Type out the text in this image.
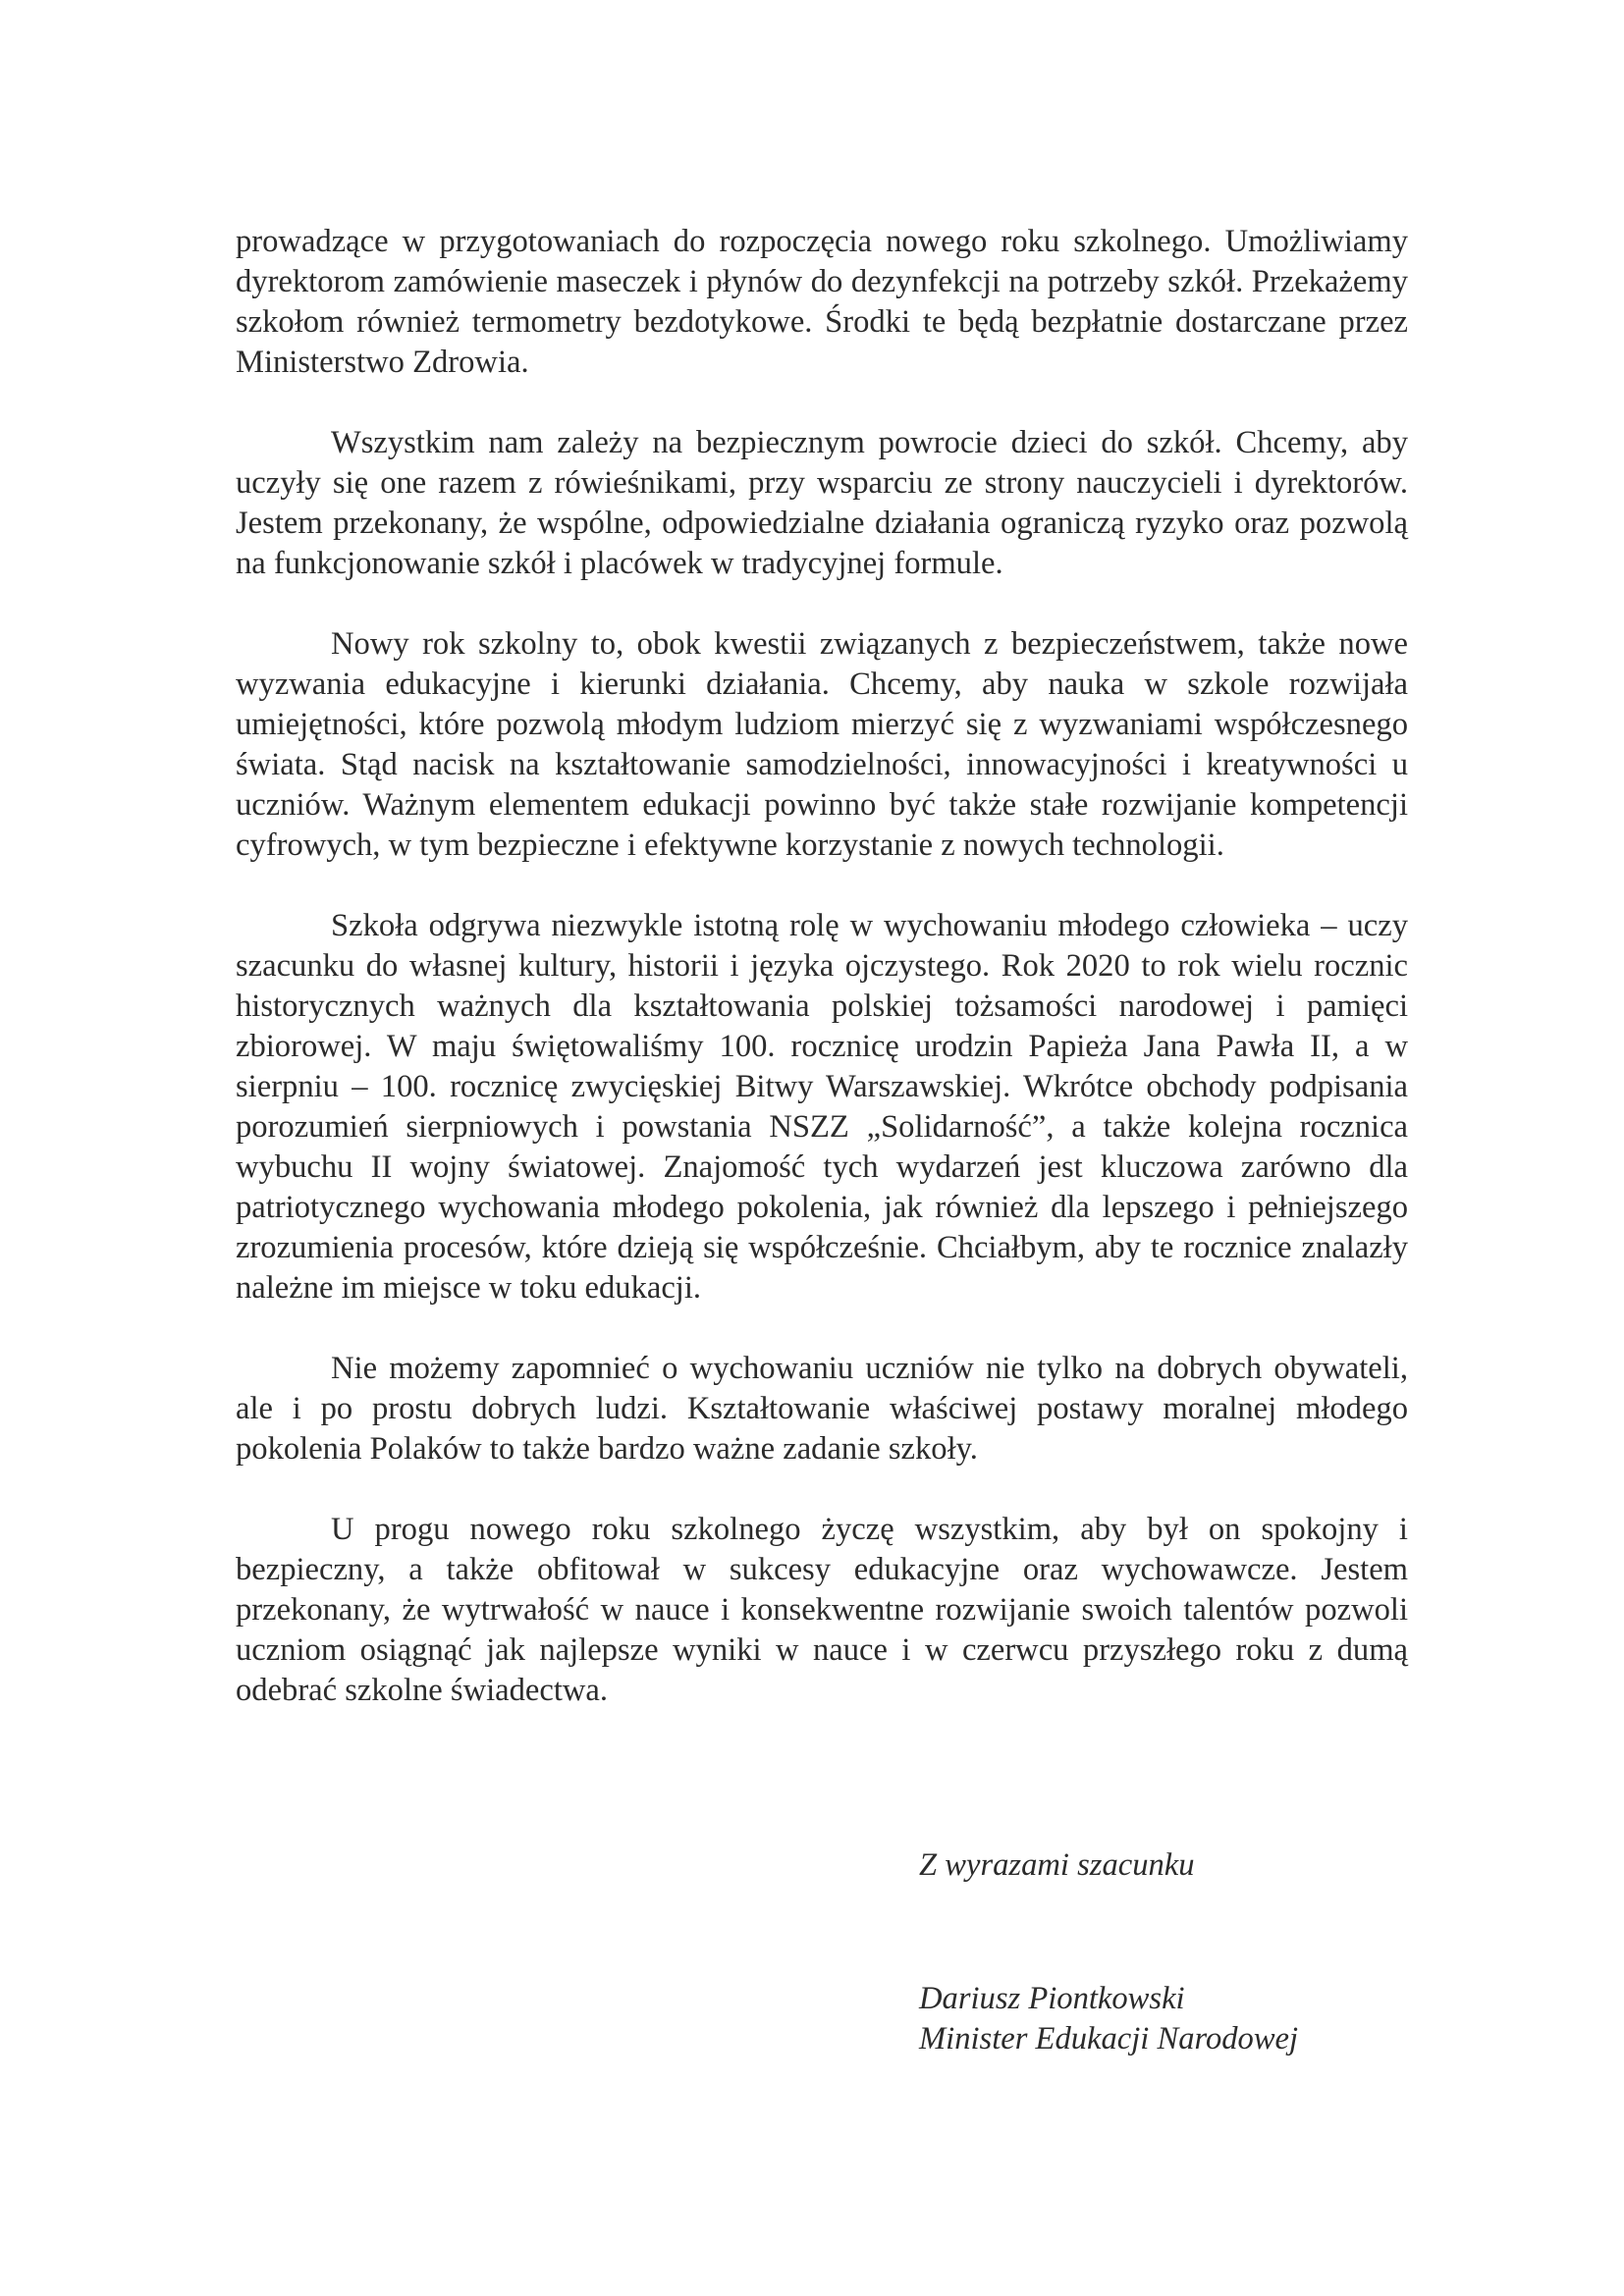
prowadzące w przygotowaniach do rozpoczęcia nowego roku szkolnego. Umożliwiamy dyrektorom zamówienie maseczek i płynów do dezynfekcji na potrzeby szkół. Przekażemy szkołom również termometry bezdotykowe. Środki te będą bezpłatnie dostarczane przez Ministerstwo Zdrowia.

Wszystkim nam zależy na bezpiecznym powrocie dzieci do szkół. Chcemy, aby uczyły się one razem z rówieśnikami, przy wsparciu ze strony nauczycieli i dyrektorów. Jestem przekonany, że wspólne, odpowiedzialne działania ograniczą ryzyko oraz pozwolą na funkcjonowanie szkół i placówek w tradycyjnej formule.

Nowy rok szkolny to, obok kwestii związanych z bezpieczeństwem, także nowe wyzwania edukacyjne i kierunki działania. Chcemy, aby nauka w szkole rozwijała umiejętności, które pozwolą młodym ludziom mierzyć się z wyzwaniami współczesnego świata. Stąd nacisk na kształtowanie samodzielności, innowacyjności i kreatywności u uczniów. Ważnym elementem edukacji powinno być także stałe rozwijanie kompetencji cyfrowych, w tym bezpieczne i efektywne korzystanie z nowych technologii.

Szkoła odgrywa niezwykle istotną rolę w wychowaniu młodego człowieka – uczy szacunku do własnej kultury, historii i języka ojczystego. Rok 2020 to rok wielu rocznic historycznych ważnych dla kształtowania polskiej tożsamości narodowej i pamięci zbiorowej. W maju świętowaliśmy 100. rocznicę urodzin Papieża Jana Pawła II, a w sierpniu – 100. rocznicę zwycięskiej Bitwy Warszawskiej. Wkrótce obchody podpisania porozumień sierpniowych i powstania NSZZ „Solidarność”, a także kolejna rocznica wybuchu II wojny światowej. Znajomość tych wydarzeń jest kluczowa zarówno dla patriotycznego wychowania młodego pokolenia, jak również dla lepszego i pełniejszego zrozumienia procesów, które dzieją się współcześnie. Chciałbym, aby te rocznice znalazły należne im miejsce w toku edukacji.

Nie możemy zapomnieć o wychowaniu uczniów nie tylko na dobrych obywateli, ale i po prostu dobrych ludzi. Kształtowanie właściwej postawy moralnej młodego pokolenia Polaków to także bardzo ważne zadanie szkoły.

U progu nowego roku szkolnego życzę wszystkim, aby był on spokojny i bezpieczny, a także obfitował w sukcesy edukacyjne oraz wychowawcze. Jestem przekonany, że wytrwałość w nauce i konsekwentne rozwijanie swoich talentów pozwoli uczniom osiągnąć jak najlepsze wyniki w nauce i w czerwcu przyszłego roku z dumą odebrać szkolne świadectwa.

Z wyrazami szacunku
Dariusz Piontkowski
Minister Edukacji Narodowej
